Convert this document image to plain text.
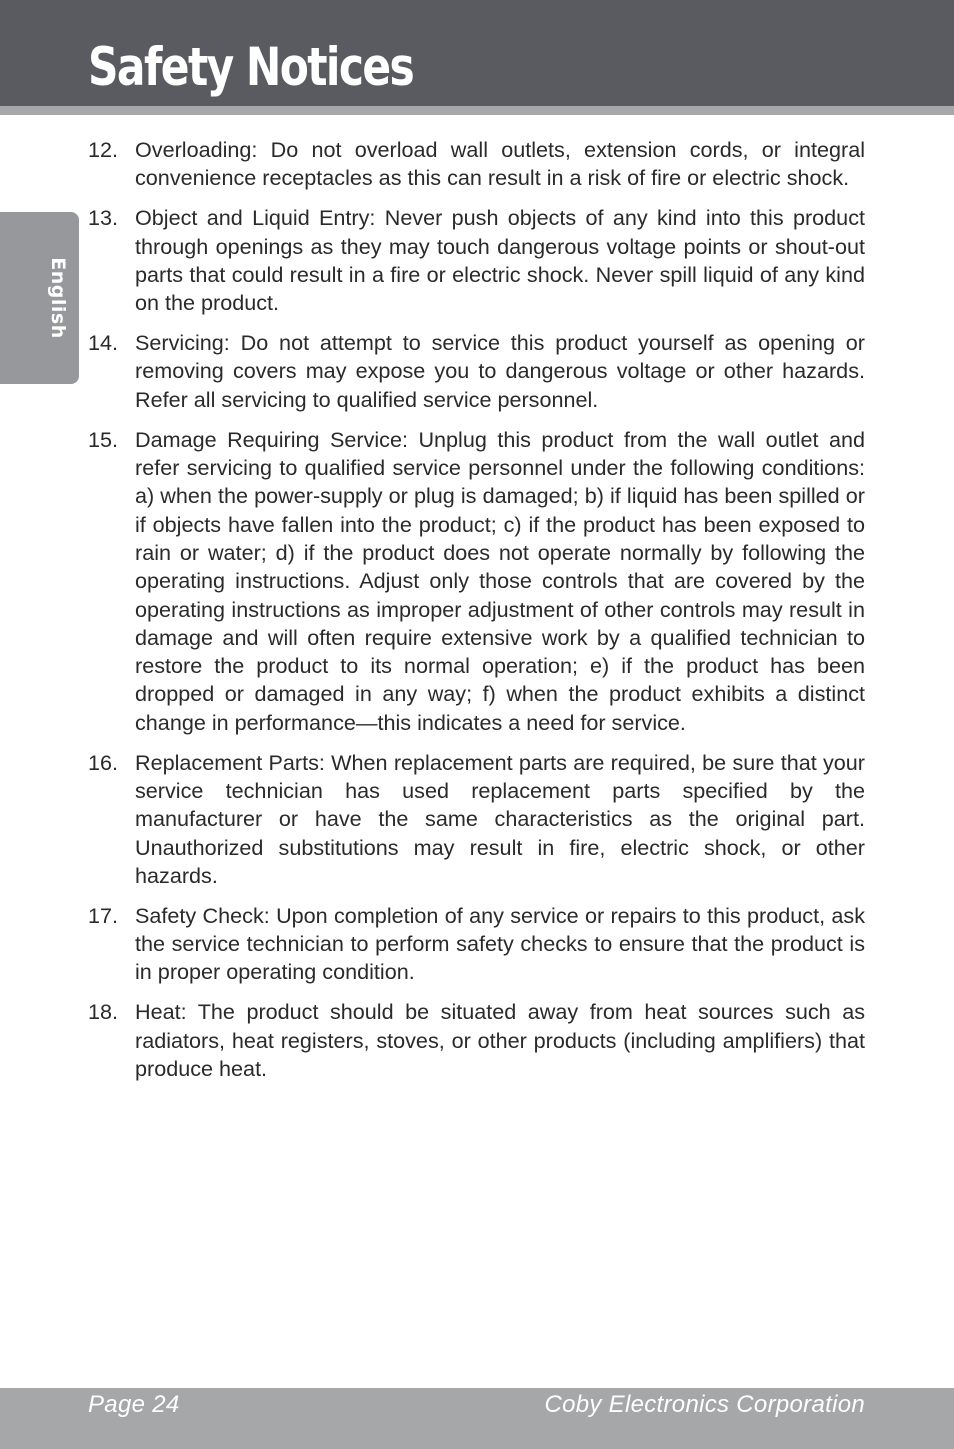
Safety Notices
English
12. Overloading: Do not overload wall outlets, extension cords, or integral convenience receptacles as this can result in a risk of fire or electric shock.
13. Object and Liquid Entry: Never push objects of any kind into this product through openings as they may touch dangerous voltage points or shout-out parts that could result in a fire or electric shock. Never spill liquid of any kind on the product.
14. Servicing: Do not attempt to service this product yourself as opening or removing covers may expose you to dangerous voltage or other hazards. Refer all servicing to qualified service personnel.
15. Damage Requiring Service: Unplug this product from the wall outlet and refer servicing to qualified service personnel under the following conditions: a) when the power-supply or plug is damaged; b) if liquid has been spilled or if objects have fallen into the product; c) if the product has been exposed to rain or water; d) if the product does not operate normally by following the operating instructions. Adjust only those controls that are covered by the operating instructions as improper adjustment of other controls may result in damage and will often require extensive work by a qualified technician to restore the product to its normal operation; e) if the product has been dropped or damaged in any way; f) when the product exhibits a distinct change in performance—this indicates a need for service.
16. Replacement Parts: When replacement parts are required, be sure that your service technician has used replacement parts specified by the manufacturer or have the same characteristics as the original part. Unauthorized substitutions may result in fire, electric shock, or other hazards.
17. Safety Check: Upon completion of any service or repairs to this product, ask the service technician to perform safety checks to ensure that the product is in proper operating condition.
18. Heat: The product should be situated away from heat sources such as radiators, heat registers, stoves, or other products (including amplifiers) that produce heat.
Page 24	Coby Electronics Corporation
